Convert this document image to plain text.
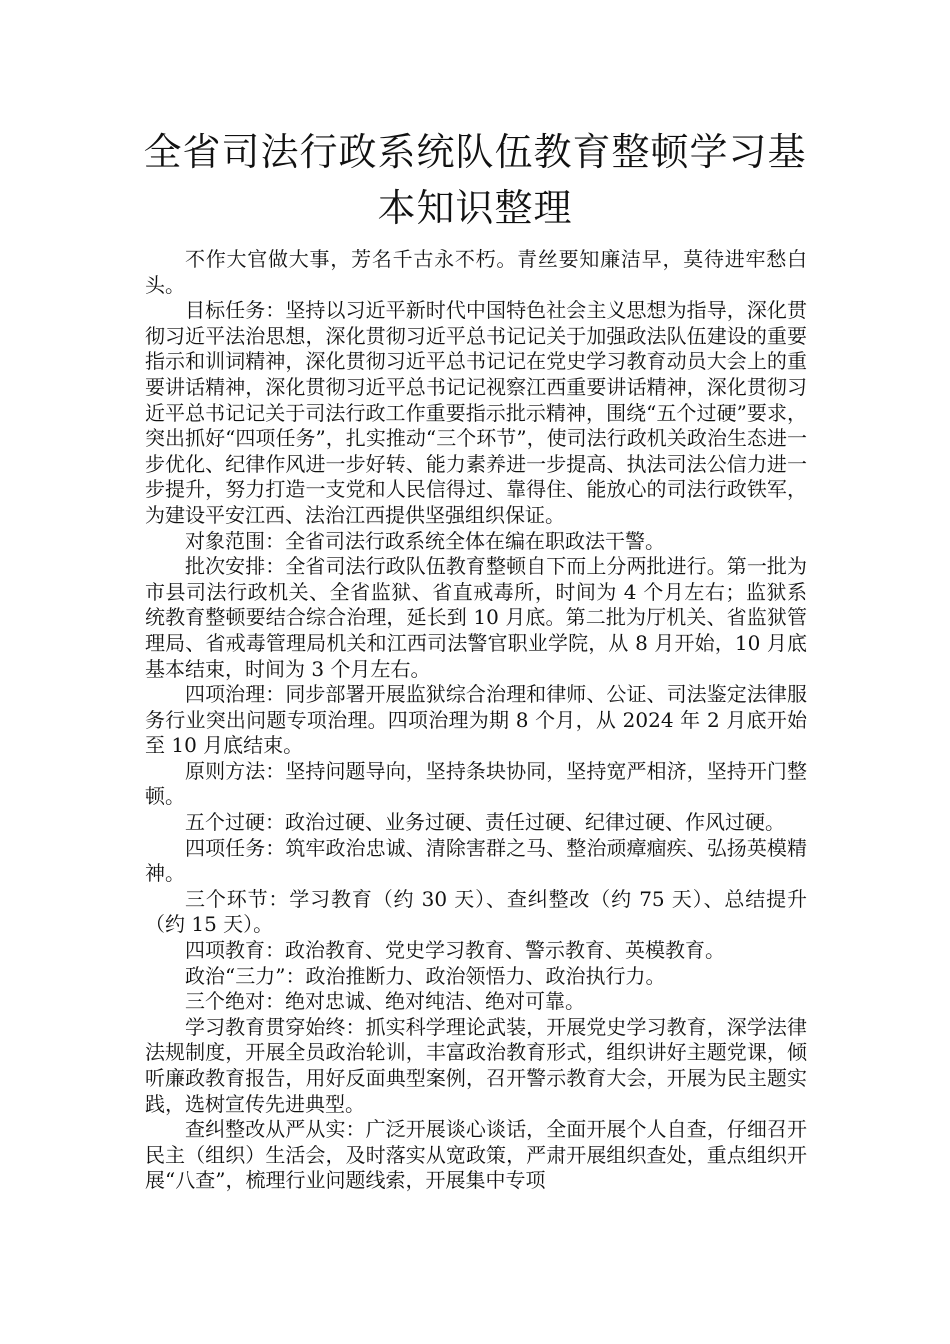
全省司法行政系统队伍教育整顿学习基本知识整理

不作大官做大事，芳名千古永不朽。青丝要知廉洁早，莫待进牢愁白头。

目标任务：坚持以习近平新时代中国特色社会主义思想为指导，深化贯彻习近平法治思想，深化贯彻习近平总书记记关于加强政法队伍建设的重要指示和训词精神，深化贯彻习近平总书记记在党史学习教育动员大会上的重要讲话精神，深化贯彻习近平总书记记视察江西重要讲话精神，深化贯彻习近平总书记记关于司法行政工作重要指示批示精神，围绕“五个过硬”要求，突出抓好“四项任务”，扎实推动“三个环节”，使司法行政机关政治生态进一步优化、纪律作风进一步好转、能力素养进一步提高、执法司法公信力进一步提升，努力打造一支党和人民信得过、靠得住、能放心的司法行政铁军，为建设平安江西、法治江西提供坚强组织保证。

对象范围：全省司法行政系统全体在编在职政法干警。

批次安排：全省司法行政队伍教育整顿自下而上分两批进行。第一批为市县司法行政机关、全省监狱、省直戒毒所，时间为 4 个月左右；监狱系统教育整顿要结合综合治理，延长到 10 月底。第二批为厅机关、省监狱管理局、省戒毒管理局机关和江西司法警官职业学院，从 8 月开始，10 月底基本结束，时间为 3 个月左右。

四项治理：同步部署开展监狱综合治理和律师、公证、司法鉴定法律服务行业突出问题专项治理。四项治理为期 8 个月，从 2024 年 2 月底开始至 10 月底结束。

原则方法：坚持问题导向，坚持条块协同，坚持宽严相济，坚持开门整顿。

五个过硬：政治过硬、业务过硬、责任过硬、纪律过硬、作风过硬。

四项任务：筑牢政治忠诚、清除害群之马、整治顽瘴痼疾、弘扬英模精神。

三个环节：学习教育（约 30 天）、查纠整改（约 75 天）、总结提升（约 15 天）。

四项教育：政治教育、党史学习教育、警示教育、英模教育。

政治“三力”：政治推断力、政治领悟力、政治执行力。

三个绝对：绝对忠诚、绝对纯洁、绝对可靠。

学习教育贯穿始终：抓实科学理论武装，开展党史学习教育，深学法律法规制度，开展全员政治轮训，丰富政治教育形式，组织讲好主题党课，倾听廉政教育报告，用好反面典型案例，召开警示教育大会，开展为民主题实践，选树宣传先进典型。

查纠整改从严从实：广泛开展谈心谈话，全面开展个人自查，仔细召开民主（组织）生活会，及时落实从宽政策，严肃开展组织查处，重点组织开展“八查”，梳理行业问题线索，开展集中专项
